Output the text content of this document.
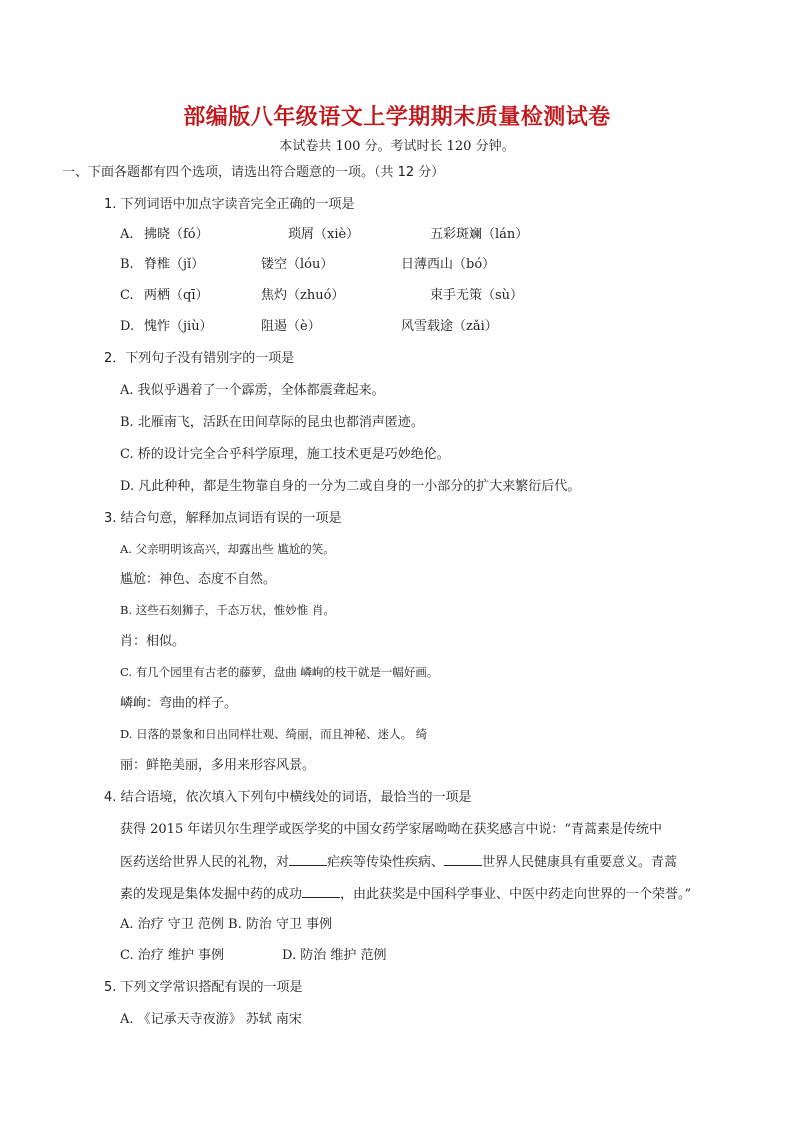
部编版八年级语文上学期期末质量检测试卷
本试卷共 100 分。考试时长 120 分钟。
一、下面各题都有四个选项，请选出符合题意的一项。（共 12 分）
1. 下列词语中加点字读音完全正确的一项是
A. 拂晓（fó）	琐屑（xiè）	五彩斑斓（lán）
B. 脊椎（jǐ）	镂空（lóu）	日薄西山（bó）
C. 两栖（qī）	焦灼（zhuó）	束手无策（sù）
D. 愧怍（jiù）	阻遏（è）	风雪载途（zǎi）
2．下列句子没有错别字的一项是
A. 我似乎遇着了一个霹雳，全体都震聋起来。
B. 北雁南飞，活跃在田间草际的昆虫也都消声匿迹。
C. 桥的设计完全合乎科学原理，施工技术更是巧妙绝伦。
D. 凡此种种，都是生物靠自身的一分为二或自身的一小部分的扩大来繁衍后代。
3. 结合句意，解释加点词语有误的一项是
A. 父亲明明该高兴，却露出些 尴尬的笑。
尴尬：神色、态度不自然。
B. 这些石刻狮子，千态万状，惟妙惟 肖。
肖：相似。
C. 有几个园里有古老的藤萝，盘曲 嶙峋的枝干就是一幅好画。
嶙峋：弯曲的样子。
D. 日落的景象和日出同样壮观、绮丽，而且神秘、迷人。 绮
丽：鲜艳美丽，多用来形容风景。
4. 结合语境，依次填入下列句中横线处的词语，最恰当的一项是
获得 2015 年诺贝尔生理学或医学奖的中国女药学家屠呦呦在获奖感言中说：“青蒿素是传统中
医药送给世界人民的礼物，对	疟疾等传染性疾病、	世界人民健康具有重要意义。青蒿
素的发现是集体发掘中药的成功	，由此获奖是中国科学事业、中医中药走向世界的一个荣誉。”
A. 治疗 守卫 范例 B. 防治 守卫 事例
C. 治疗 维护 事例	D. 防治 维护 范例
5. 下列文学常识搭配有误的一项是
A. 《记承天寺夜游》 苏轼 南宋
